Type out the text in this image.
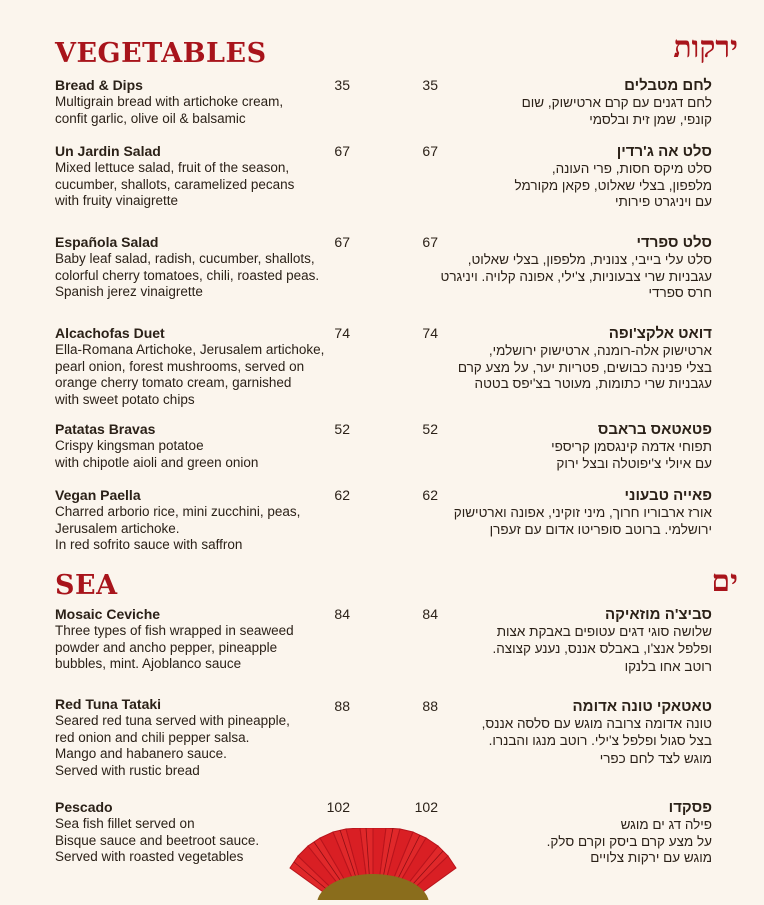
VEGETABLES	ירקות
Bread & Dips
Multigrain bread with artichoke cream,
confit garlic, olive oil & balsamic
35	35	לחם מטבלים
לחם דגנים עם קרם ארטישוק, שום
קונפי, שמן זית ובלסמי
Un Jardin Salad
Mixed lettuce salad, fruit of the season,
cucumber, shallots, caramelized pecans
with fruity vinaigrette
67	67	סלט אה ג'רדין
סלט מיקס חסות, פרי העונה,
מלפפון, בצלי שאלוט, פקאן מקורמל
עם ויניגרט פירותי
Española Salad
Baby leaf salad, radish, cucumber, shallots,
colorful cherry tomatoes, chili, roasted peas.
Spanish jerez vinaigrette
67	67	סלט ספרדי
סלט עלי בייבי, צנונית, מלפפון, בצלי שאלוט,
עגבניות שרי צבעוניות, צ'ילי, אפונה קלויה. ויניגרט
חרס ספרדי
Alcachofas Duet
Ella-Romana Artichoke, Jerusalem artichoke,
pearl onion, forest mushrooms, served on
orange cherry tomato cream, garnished
with sweet potato chips
74	74	דואט אלקצ'ופה
ארטישוק אלה-רומנה, ארטישוק ירושלמי,
בצלי פנינה כבושים, פטריות יער, על מצע קרם
עגבניות שרי כתומות, מעוטר בצ'יפס בטטה
Patatas Bravas
Crispy kingsman potatoe
with chipotle aioli and green onion
52	52	פטאטאס בראבס
תפוחי אדמה קינגסמן קריספי
עם איולי צ'יפוטלה ובצל ירוק
Vegan Paella
Charred arborio rice, mini zucchini, peas,
Jerusalem artichoke.
In red sofrito sauce with saffron
62	62	פאייה טבעוני
אורז ארבוריו חרוך, מיני זוקיני, אפונה וארטישוק
ירושלמי. ברוטב סופריטו אדום עם זעפרן
SEA	ים
Mosaic Ceviche
Three types of fish wrapped in seaweed
powder and ancho pepper, pineapple
bubbles, mint. Ajoblanco sauce
84	84	סביצ'ה מוזאיקה
שלושה סוגי דגים עטופים באבקת אצות
ופלפל אנצ'ו, באבלס אננס, נענע קצוצה.
רוטב אחו בלנקו
Red Tuna Tataki
Seared red tuna served with pineapple,
red onion and chili pepper salsa.
Mango and habanero sauce.
Served with rustic bread
88	88	טאטאקי טונה אדומה
טונה אדומה צרובה מוגש עם סלסה אננס,
בצל סגול ופלפל צ'ילי. רוטב מנגו והבנרו.
מוגש לצד לחם כפרי
Pescado
Sea fish fillet served on
Bisque sauce and beetroot sauce.
Served with roasted vegetables
102	102	פסקדו
פילה דג ים מוגש
על מצע קרם ביסק וקרם סלק.
מוגש עם ירקות צלויים
